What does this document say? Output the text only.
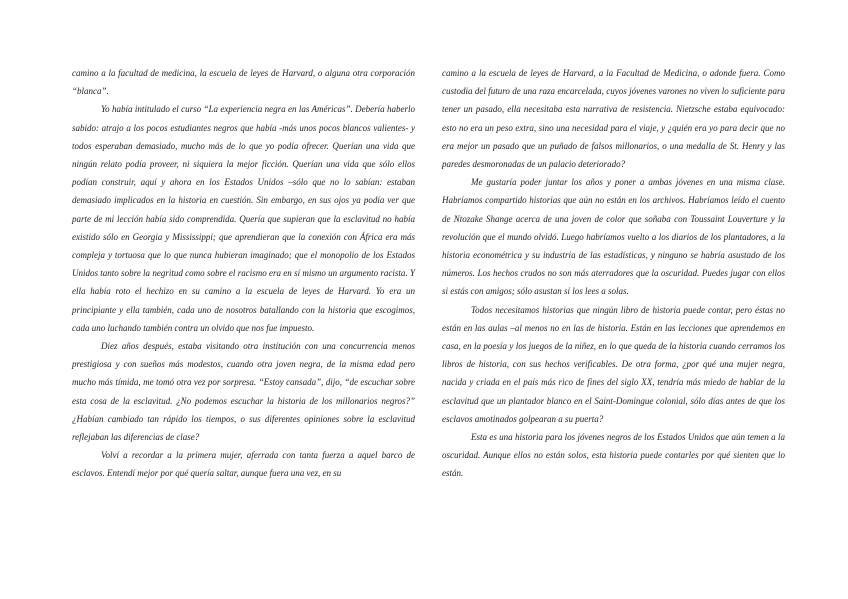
camino a la facultad de medicina, la escuela de leyes de Harvard, o alguna otra corporación “blanca”.

Yo había intitulado el curso “La experiencia negra en las Américas”. Debería haberlo sabido: atrajo a los pocos estudiantes negros que había -más unos pocos blancos valientes- y todos esperaban demasiado, mucho más de lo que yo podía ofrecer. Querían una vida que ningún relato podía proveer, ni siquiera la mejor ficción. Querían una vida que sólo ellos podían construir, aquí y ahora en los Estados Unidos –sólo que no lo sabían: estaban demasiado implicados en la historia en cuestión. Sin embargo, en sus ojos ya podía ver que parte de mi lección había sido comprendida. Quería que supieran que la esclavitud no había existido sólo en Georgia y Mississippi; que aprendieran que la conexión con África era más compleja y tortuosa que lo que nunca hubieran imaginado; que el monopolio de los Estados Unidos tanto sobre la negritud como sobre el racismo era en sí mismo un argumento racista. Y ella había roto el hechizo en su camino a la escuela de leyes de Harvard. Yo era un principiante y ella también, cada uno de nosotros batallando con la historia que escogimos, cada uno luchando también contra un olvido que nos fue impuesto.

Diez años después, estaba visitando otra institución con una concurrencia menos prestigiosa y con sueños más modestos, cuando otra joven negra, de la misma edad pero mucho más tímida, me tomó otra vez por sorpresa. “Estoy cansada”, dijo, “de escuchar sobre esta cosa de la esclavitud. ¿No podemos escuchar la historia de los millonarios negros?” ¿Habían cambiado tan rápido los tiempos, o sus diferentes opiniones sobre la esclavitud reflejaban las diferencias de clase?

Volví a recordar a la primera mujer, aferrada con tanta fuerza a aquel barco de esclavos. Entendí mejor por qué quería saltar, aunque fuera una vez, en su

camino a la escuela de leyes de Harvard, a la Facultad de Medicina, o adonde fuera. Como custodia del futuro de una raza encarcelada, cuyos jóvenes varones no viven lo suficiente para tener un pasado, ella necesitaba esta narrativa de resistencia. Nietzsche estaba equivocado: esto no era un peso extra, sino una necesidad para el viaje, y ¿quién era yo para decir que no era mejor un pasado que un puñado de falsos millonarios, o una medalla de St. Henry y las paredes desmoronadas de un palacio deteriorado?

Me gustaría poder juntar los años y poner a ambas jóvenes en una misma clase. Habríamos compartido historias que aún no están en los archivos. Habríamos leído el cuento de Ntozake Shange acerca de una joven de color que soñaba con Toussaint Louverture y la revolución que el mundo olvidó. Luego habríamos vuelto a los diarios de los plantadores, a la historia econométrica y su industria de las estadísticas, y ninguno se habría asustado de los números. Los hechos crudos no son más aterradores que la oscuridad. Puedes jugar con ellos si estás con amigos; sólo asustan si los lees a solas.

Todos necesitamos historias que ningún libro de historia puede contar, pero éstas no están en las aulas –al menos no en las de historia. Están en las lecciones que aprendemos en casa, en la poesía y los juegos de la niñez, en lo que queda de la historia cuando cerramos los libros de historia, con sus hechos verificables. De otra forma, ¿por qué una mujer negra, nacida y criada en el país más rico de fines del siglo XX, tendría más miedo de hablar de la esclavitud que un plantador blanco en el Saint-Domingue colonial, sólo días antes de que los esclavos amotinados golpearan a su puerta?

Esta es una historia para los jóvenes negros de los Estados Unidos que aún temen a la oscuridad. Aunque ellos no están solos, esta historia puede contarles por qué sienten que lo están.
